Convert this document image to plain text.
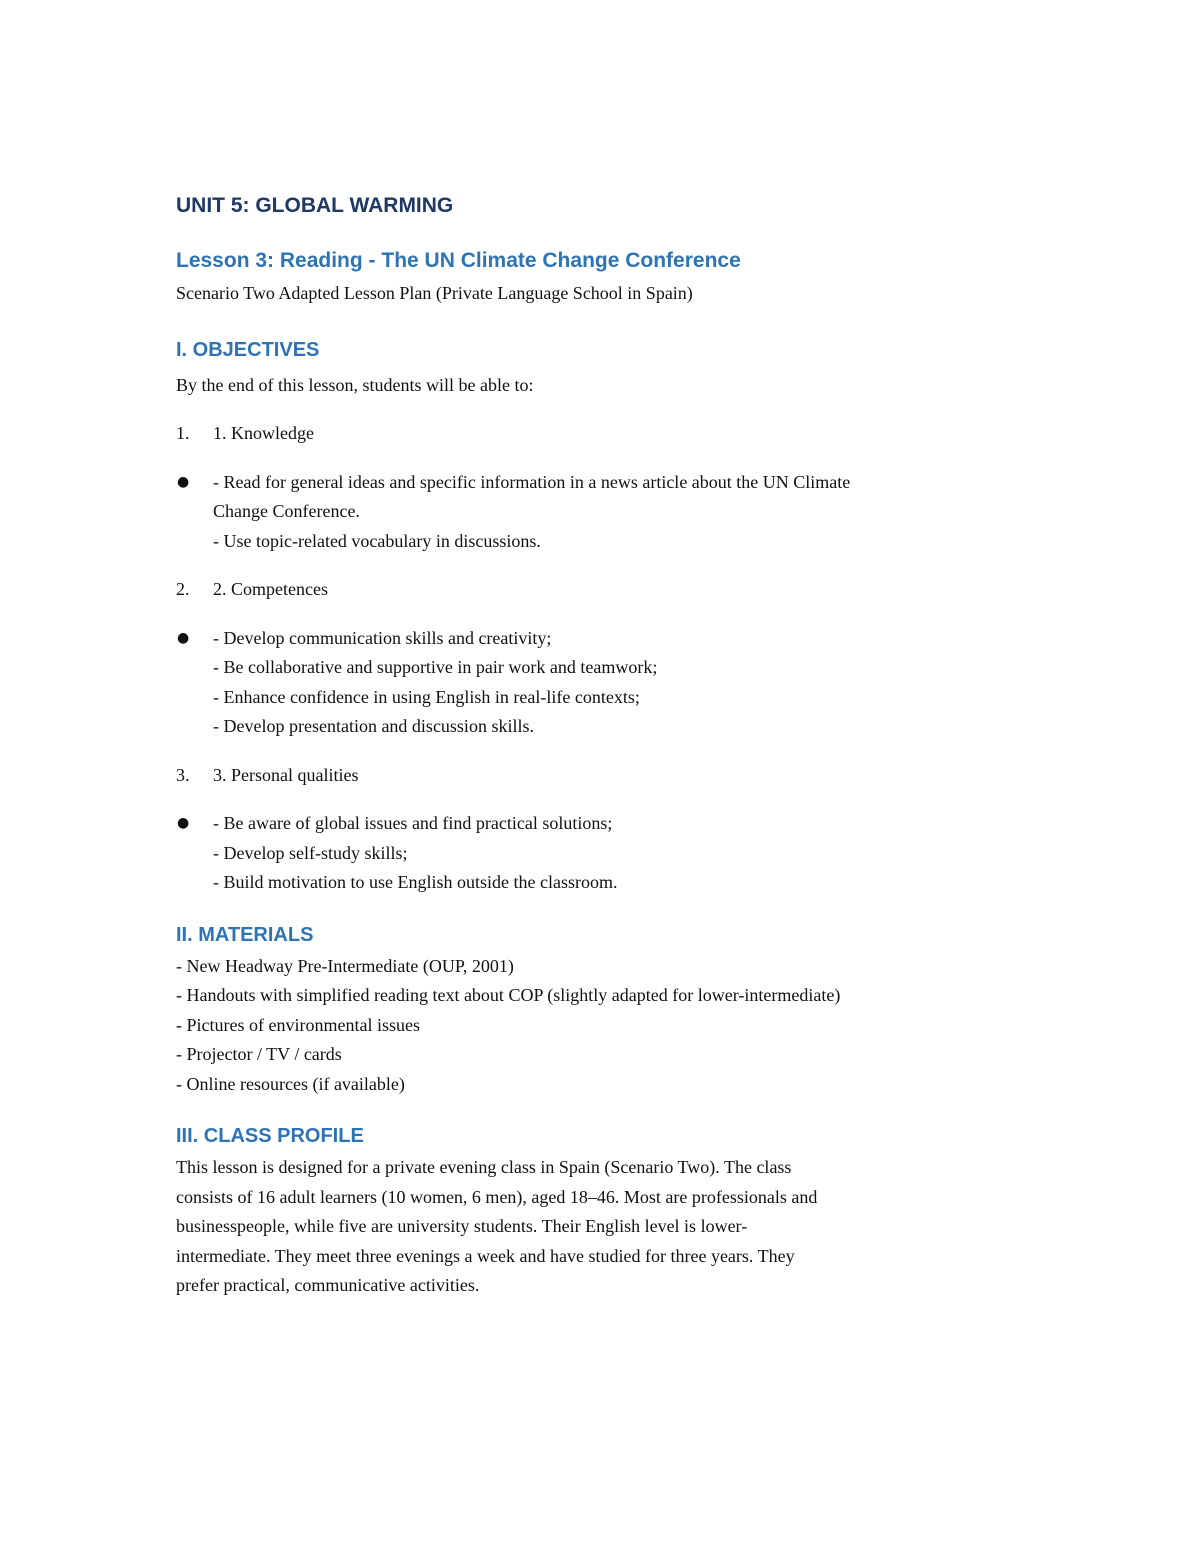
UNIT 5: GLOBAL WARMING
Lesson 3: Reading - The UN Climate Change Conference

Scenario Two Adapted Lesson Plan (Private Language School in Spain)

I. OBJECTIVES

By the end of this lesson, students will be able to:

1. 1. Knowledge
● - Read for general ideas and specific information in a news article about the UN Climate
Change Conference.
- Use topic-related vocabulary in discussions.
2. 2. Competences
● - Develop communication skills and creativity;
- Be collaborative and supportive in pair work and teamwork;
- Enhance confidence in using English in real-life contexts;
- Develop presentation and discussion skills.
3. 3. Personal qualities
● - Be aware of global issues and find practical solutions;
- Develop self-study skills;
- Build motivation to use English outside the classroom.
II. MATERIALS
- New Headway Pre-Intermediate (OUP, 2001)
- Handouts with simplified reading text about COP (slightly adapted for lower-intermediate)
- Pictures of environmental issues
- Projector / TV / cards
- Online resources (if available)
III. CLASS PROFILE
This lesson is designed for a private evening class in Spain (Scenario Two). The class
consists of 16 adult learners (10 women, 6 men), aged 18–46. Most are professionals and
businesspeople, while five are university students. Their English level is lower-
intermediate. They meet three evenings a week and have studied for three years. They
prefer practical, communicative activities.
